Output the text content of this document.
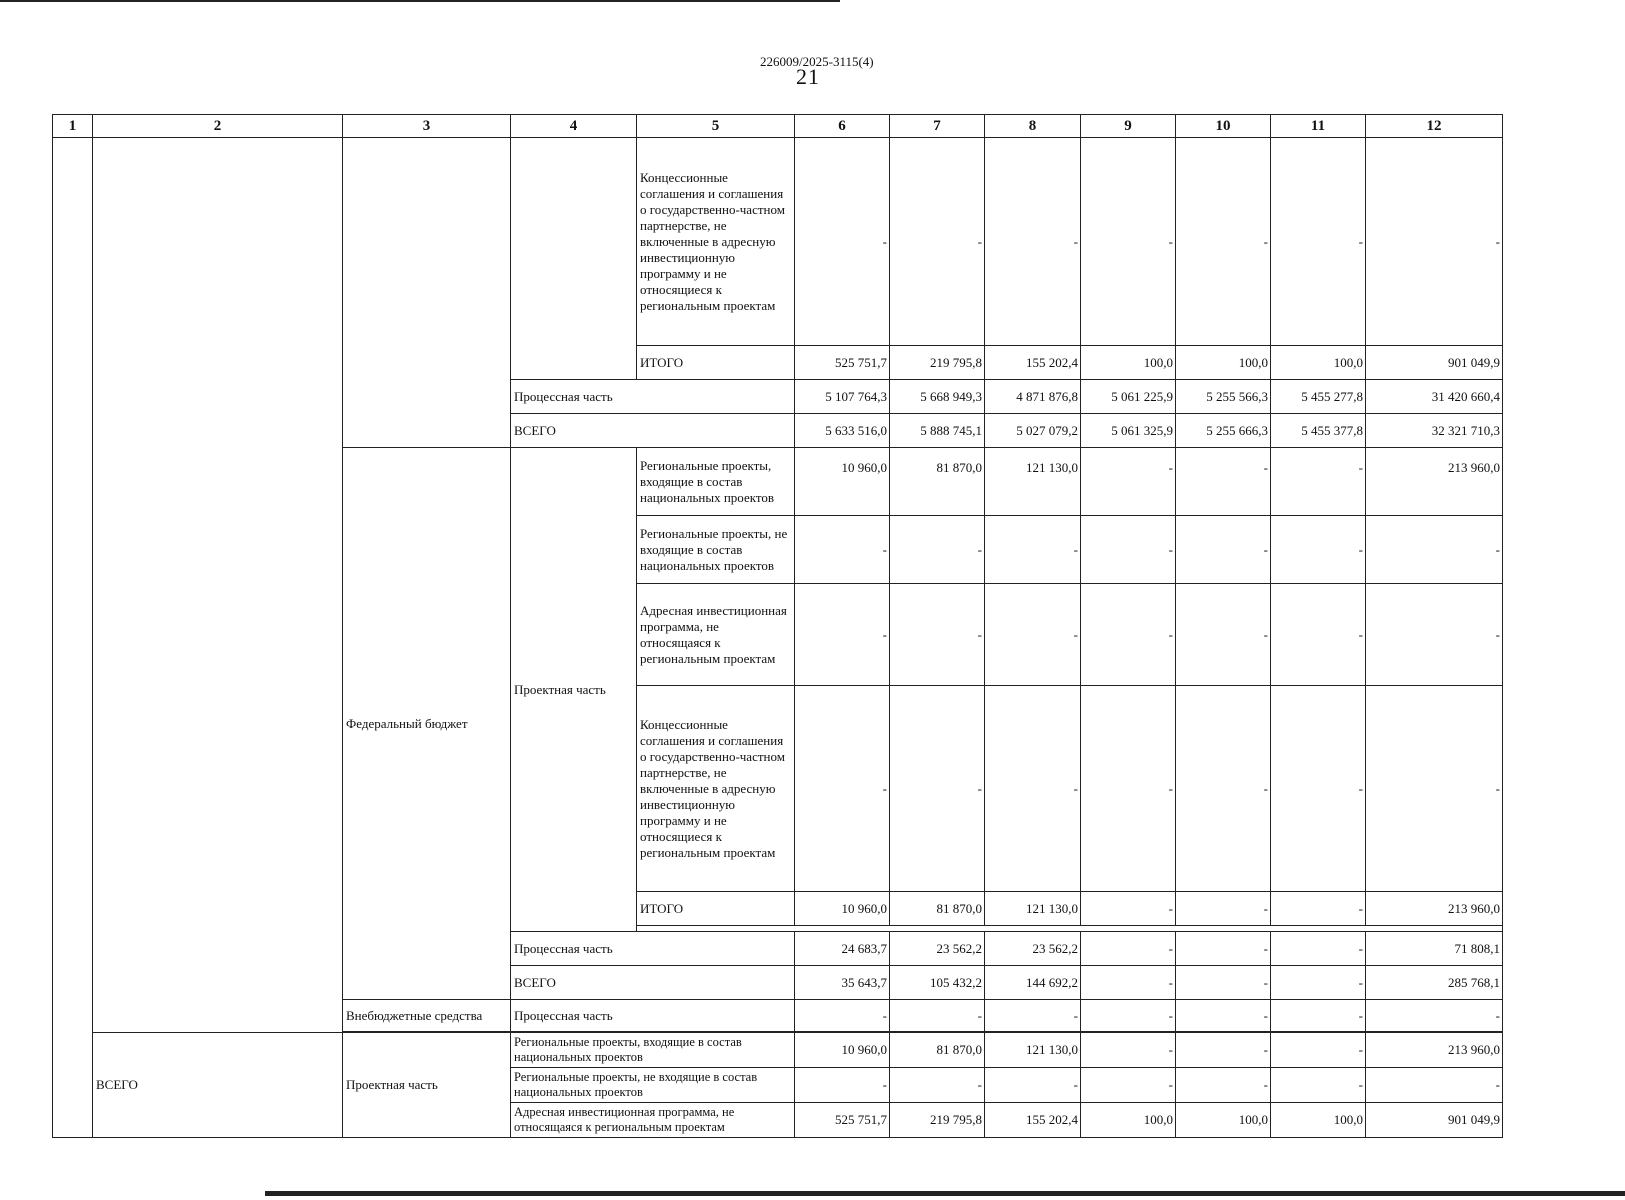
226009/2025-3115(4)
21
1	2	3	4	5	6	7	8	9	10	11	12
				Концессионные соглашения и соглашения о государственно-частном партнерстве, не включенные в адресную инвестиционную программу и не относящиеся к региональным проектам	-	-	-	-	-	-	-
				ИТОГО	525 751,7	219 795,8	155 202,4	100,0	100,0	100,0	901 049,9
			Процессная часть		5 107 764,3	5 668 949,3	4 871 876,8	5 061 225,9	5 255 566,3	5 455 277,8	31 420 660,4
			ВСЕГО		5 633 516,0	5 888 745,1	5 027 079,2	5 061 325,9	5 255 666,3	5 455 377,8	32 321 710,3
		Федеральный бюджет	Проектная часть	Региональные проекты, входящие в состав национальных проектов	10 960,0	81 870,0	121 130,0	-	-	-	213 960,0
				Региональные проекты, не входящие в состав национальных проектов	-	-	-	-	-	-	-
				Адресная инвестиционная программа, не относящаяся к региональным проектам	-	-	-	-	-	-	-
				Концессионные соглашения и соглашения о государственно-частном партнерстве, не включенные в адресную инвестиционную программу и не относящиеся к региональным проектам	-	-	-	-	-	-	-
				ИТОГО	10 960,0	81 870,0	121 130,0	-	-	-	213 960,0

			Процессная часть		24 683,7	23 562,2	23 562,2	-	-	-	71 808,1
			ВСЕГО		35 643,7	105 432,2	144 692,2	-	-	-	285 768,1
		Внебюджетные средства	Процессная часть		-	-	-	-	-	-	-

	ВСЕГО	Проектная часть	Региональные проекты, входящие в состав национальных проектов		10 960,0	81 870,0	121 130,0	-	-	-	213 960,0
			Региональные проекты, не входящие в состав национальных проектов		-	-	-	-	-	-	-
			Адресная инвестиционная программа, не относящаяся к региональным проектам		525 751,7	219 795,8	155 202,4	100,0	100,0	100,0	901 049,9
